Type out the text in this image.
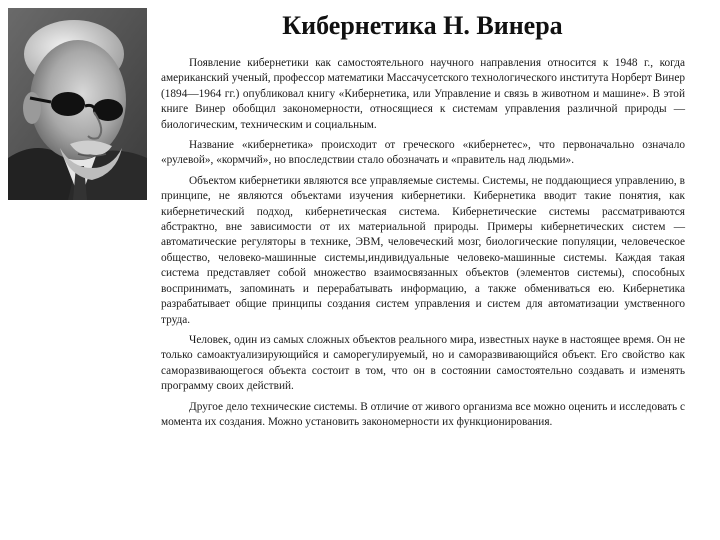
Кибернетика Н. Винера

Появление кибернетики как самостоятельного научного направления относится к 1948 г., когда американский ученый, профессор математики Массачусетского технологического института Норберт Винер (1894—1964 гг.) опубликовал книгу «Кибернетика, или Управление и связь в животном и машине». В этой книге Винер обобщил закономерности, относящиеся к системам управления различной природы — биологическим, техническим и социальным.

Название «кибернетика» происходит от греческого «кибернетес», что первоначально означало «рулевой», «кормчий», но впоследствии стало обозначать и «правитель над людьми».

Объектом кибернетики являются все управляемые системы. Системы, не поддающиеся управлению, в принципе, не являются объектами изучения кибернетики. Кибернетика вводит такие понятия, как кибернетический подход, кибернетическая система. Кибернетические системы рассматриваются абстрактно, вне зависимости от их материальной природы. Примеры кибернетических систем — автоматические регуляторы в технике, ЭВМ, человеческий мозг, биологические популяции, человеческое общество, человеко-машинные системы,индивидуальные человеко-машинные системы. Каждая такая система представляет собой множество взаимосвязанных объектов (элементов системы), способных воспринимать, запоминать и перерабатывать информацию, а также обмениваться ею. Кибернетика разрабатывает общие принципы создания систем управления и систем для автоматизации умственного труда.

Человек, один из самых сложных объектов реального мира, известных науке в настоящее время. Он не только самоактуализирующийся и саморегулируемый, но и саморазвивающийся объект. Его свойство как саморазвивающегося объекта состоит в том, что он в состоянии самостоятельно создавать и изменять программу своих действий.

Другое дело технические системы. В отличие от живого организма все можно оценить и исследовать с момента их создания. Можно установить закономерности их функционирования.
